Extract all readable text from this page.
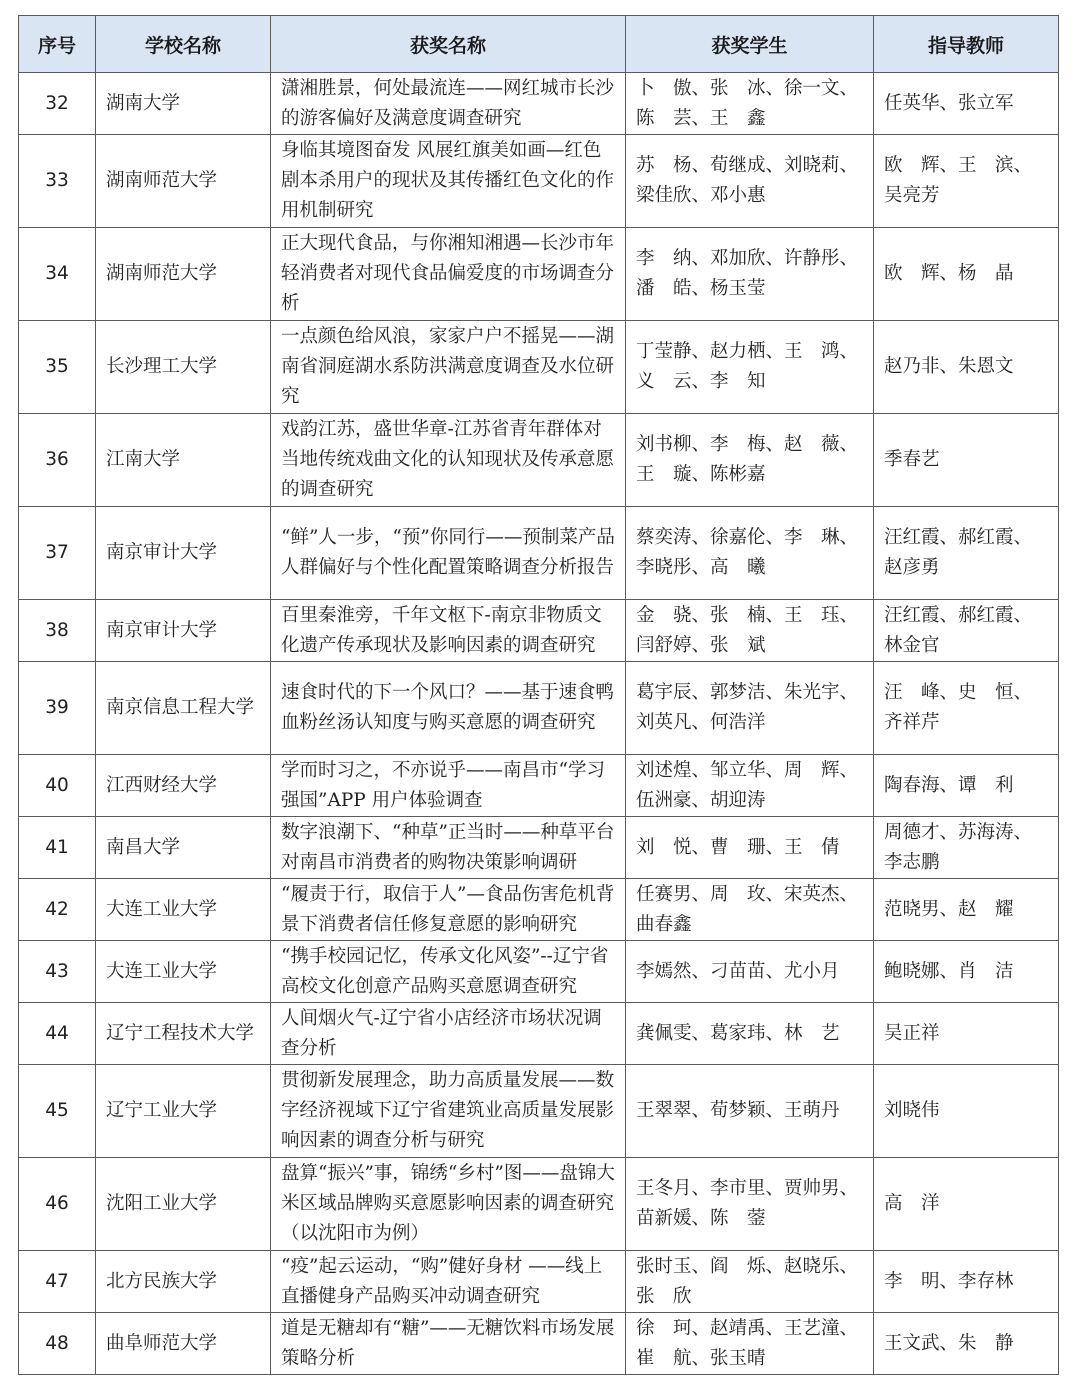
序号	学校名称	获奖名称	获奖学生	指导教师
32	湖南大学	潇湘胜景，何处最流连——网红城市长沙的游客偏好及满意度调查研究	卜　傲、张　冰、徐一文、陈　芸、王　鑫	任英华、张立军
33	湖南师范大学	身临其境图奋发 风展红旗美如画—红色剧本杀用户的现状及其传播红色文化的作用机制研究	苏　杨、荀继成、刘晓莉、梁佳欣、邓小惠	欧　辉、王　滨、吴亮芳
34	湖南师范大学	正大现代食品，与你湘知湘遇—长沙市年轻消费者对现代食品偏爱度的市场调查分析	李　纳、邓加欣、许静彤、潘　皓、杨玉莹	欧　辉、杨　晶
35	长沙理工大学	一点颜色给风浪，家家户户不摇晃——湖南省洞庭湖水系防洪满意度调查及水位研究	丁莹静、赵力栖、王　鸿、义　云、李　知	赵乃非、朱恩文
36	江南大学	戏韵江苏，盛世华章-江苏省青年群体对当地传统戏曲文化的认知现状及传承意愿的调查研究	刘书柳、李　梅、赵　薇、王　璇、陈彬嘉	季春艺
37	南京审计大学	“鲜”人一步，“预”你同行——预制菜产品人群偏好与个性化配置策略调查分析报告	蔡奕涛、徐嘉伦、李　琳、李晓彤、高　曦	汪红霞、郝红霞、赵彦勇
38	南京审计大学	百里秦淮旁，千年文枢下-南京非物质文化遗产传承现状及影响因素的调查研究	金　骁、张　楠、王　珏、闫舒婷、张　斌	汪红霞、郝红霞、林金官
39	南京信息工程大学	速食时代的下一个风口？——基于速食鸭血粉丝汤认知度与购买意愿的调查研究	葛宇辰、郭梦洁、朱光宇、刘英凡、何浩洋	汪　峰、史　恒、齐祥芹
40	江西财经大学	学而时习之，不亦说乎——南昌市“学习强国”APP 用户体验调查	刘述煌、邹立华、周　辉、伍洲豪、胡迎涛	陶春海、谭　利
41	南昌大学	数字浪潮下、“种草”正当时——种草平台对南昌市消费者的购物决策影响调研	刘　悦、曹　珊、王　倩	周德才、苏海涛、李志鹏
42	大连工业大学	“履责于行，取信于人”—食品伤害危机背景下消费者信任修复意愿的影响研究	任赛男、周　玫、宋英杰、曲春鑫	范晓男、赵　耀
43	大连工业大学	“携手校园记忆，传承文化风姿”--辽宁省高校文化创意产品购买意愿调查研究	李嫣然、刁苗苗、尤小月	鲍晓娜、肖　洁
44	辽宁工程技术大学	人间烟火气-辽宁省小店经济市场状况调查分析	龚佩雯、葛家玮、林　艺	吴正祥
45	辽宁工业大学	贯彻新发展理念，助力高质量发展——数字经济视域下辽宁省建筑业高质量发展影响因素的调查分析与研究	王翠翠、荀梦颖、王萌丹	刘晓伟
46	沈阳工业大学	盘算“振兴”事，锦绣“乡村”图——盘锦大米区域品牌购买意愿影响因素的调查研究（以沈阳市为例）	王冬月、李市里、贾帅男、苗新媛、陈　蓥	高　洋
47	北方民族大学	“疫”起云运动，“购”健好身材 ——线上直播健身产品购买冲动调查研究	张时玉、阎　烁、赵晓乐、张　欣	李　明、李存林
48	曲阜师范大学	道是无糖却有“糖”——无糖饮料市场发展策略分析	徐　珂、赵靖禹、王艺潼、崔　航、张玉晴	王文武、朱　静
